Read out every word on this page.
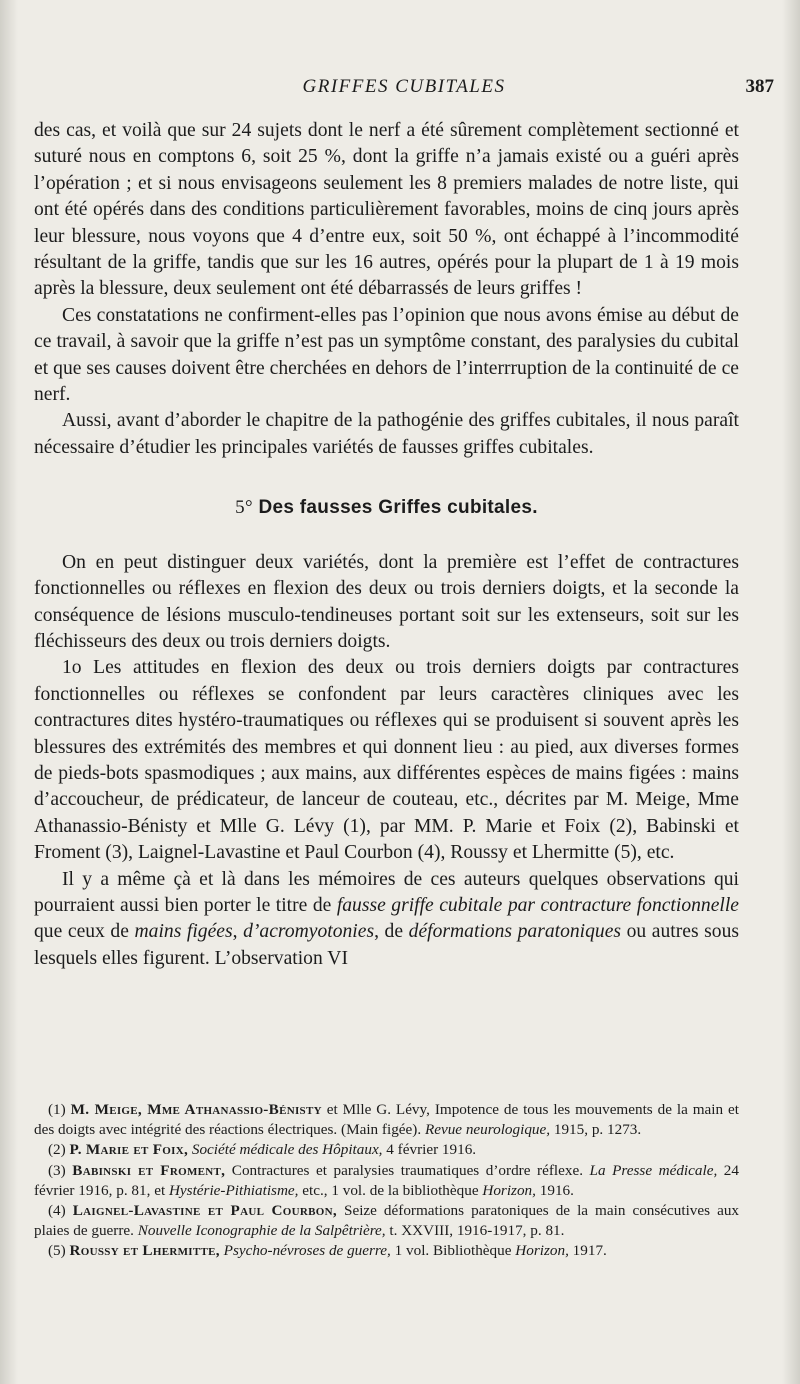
GRIFFES CUBITALES	387

des cas, et voilà que sur 24 sujets dont le nerf a été sûrement complètement sectionné et suturé nous en comptons 6, soit 25 %, dont la griffe n’a jamais existé ou a guéri après l’opération ; et si nous envisageons seulement les 8 premiers malades de notre liste, qui ont été opérés dans des conditions particulièrement favorables, moins de cinq jours après leur blessure, nous voyons que 4 d’entre eux, soit 50 %, ont échappé à l’incommodité résultant de la griffe, tandis que sur les 16 autres, opérés pour la plupart de 1 à 19 mois après la blessure, deux seulement ont été débarrassés de leurs griffes !

Ces constatations ne confirment-elles pas l’opinion que nous avons émise au début de ce travail, à savoir que la griffe n’est pas un symptôme constant, des paralysies du cubital et que ses causes doivent être cherchées en dehors de l’interrruption de la continuité de ce nerf.

Aussi, avant d’aborder le chapitre de la pathogénie des griffes cubitales, il nous paraît nécessaire d’étudier les principales variétés de fausses griffes cubitales.

5° Des fausses Griffes cubitales.

On en peut distinguer deux variétés, dont la première est l’effet de contractures fonctionnelles ou réflexes en flexion des deux ou trois derniers doigts, et la seconde la conséquence de lésions musculo-tendineuses portant soit sur les extenseurs, soit sur les fléchisseurs des deux ou trois derniers doigts.

1o Les attitudes en flexion des deux ou trois derniers doigts par contractures fonctionnelles ou réflexes se confondent par leurs caractères cliniques avec les contractures dites hystéro-traumatiques ou réflexes qui se produisent si souvent après les blessures des extrémités des membres et qui donnent lieu : au pied, aux diverses formes de pieds-bots spasmodiques ; aux mains, aux différentes espèces de mains figées : mains d’accoucheur, de prédicateur, de lanceur de couteau, etc., décrites par M. Meige, Mme Athanassio-Bénisty et Mlle G. Lévy (1), par MM. P. Marie et Foix (2), Babinski et Froment (3), Laignel-Lavastine et Paul Courbon (4), Roussy et Lhermitte (5), etc.

Il y a même çà et là dans les mémoires de ces auteurs quelques observations qui pourraient aussi bien porter le titre de fausse griffe cubitale par contracture fonctionnelle que ceux de mains figées, d’acromyotonies, de déformations paratoniques ou autres sous lesquels elles figurent. L’observation VI

(1) M. Meige, Mme Athanassio-Bénisty et Mlle G. Lévy, Impotence de tous les mouvements de la main et des doigts avec intégrité des réactions électriques. (Main figée). Revue neurologique, 1915, p. 1273.

(2) P. Marie et Foix, Société médicale des Hôpitaux, 4 février 1916.

(3) Babinski et Froment, Contractures et paralysies traumatiques d’ordre réflexe. La Presse médicale, 24 février 1916, p. 81, et Hystérie-Pithiatisme, etc., 1 vol. de la bibliothèque Horizon, 1916.

(4) Laignel-Lavastine et Paul Courbon, Seize déformations paratoniques de la main consécutives aux plaies de guerre. Nouvelle Iconographie de la Salpêtrière, t. XXVIII, 1916-1917, p. 81.

(5) Roussy et Lhermitte, Psycho-névroses de guerre, 1 vol. Bibliothèque Horizon, 1917.
